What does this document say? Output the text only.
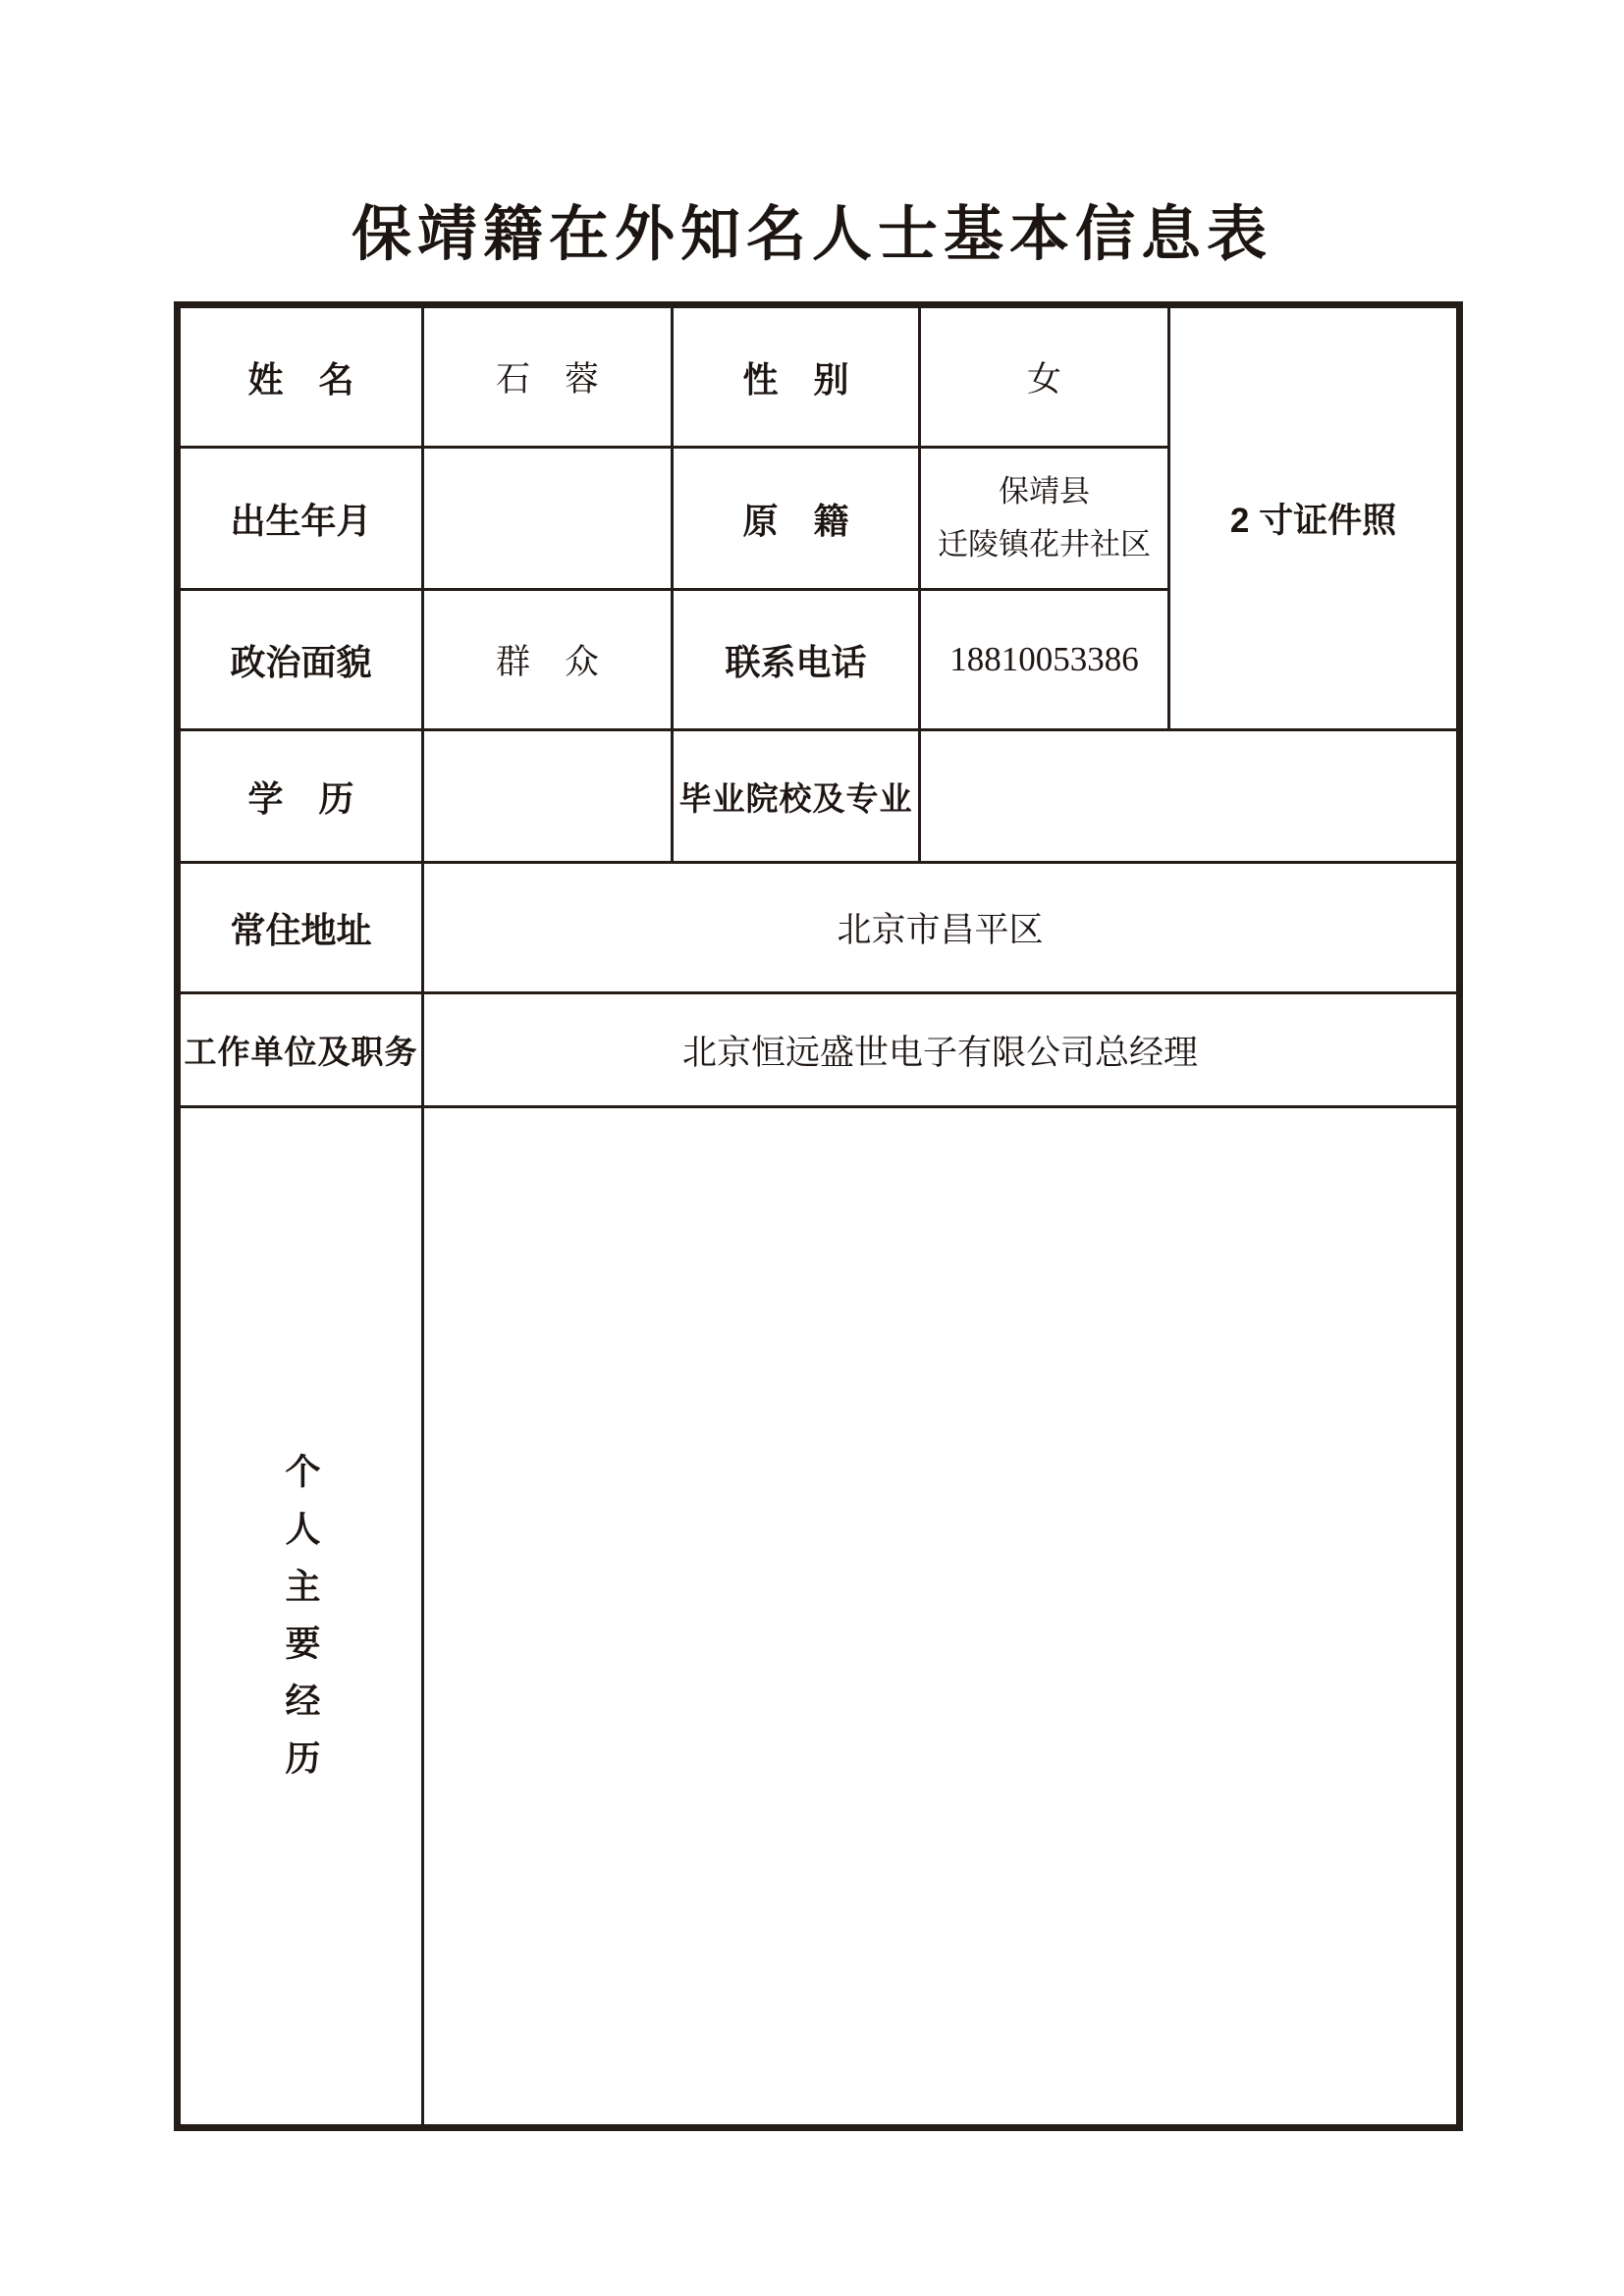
保靖籍在外知名人士基本信息表
姓　名	石　蓉	性　别	女	2 寸证件照
出生年月		原　籍	保靖县
迁陵镇花井社区	

政治面貌	群　众	联系电话	18810053386	
学　历		毕业院校及专业		
常住地址	北京市昌平区			
工作单位及职务	北京恒远盛世电子有限公司总经理			
个人主要经历				
